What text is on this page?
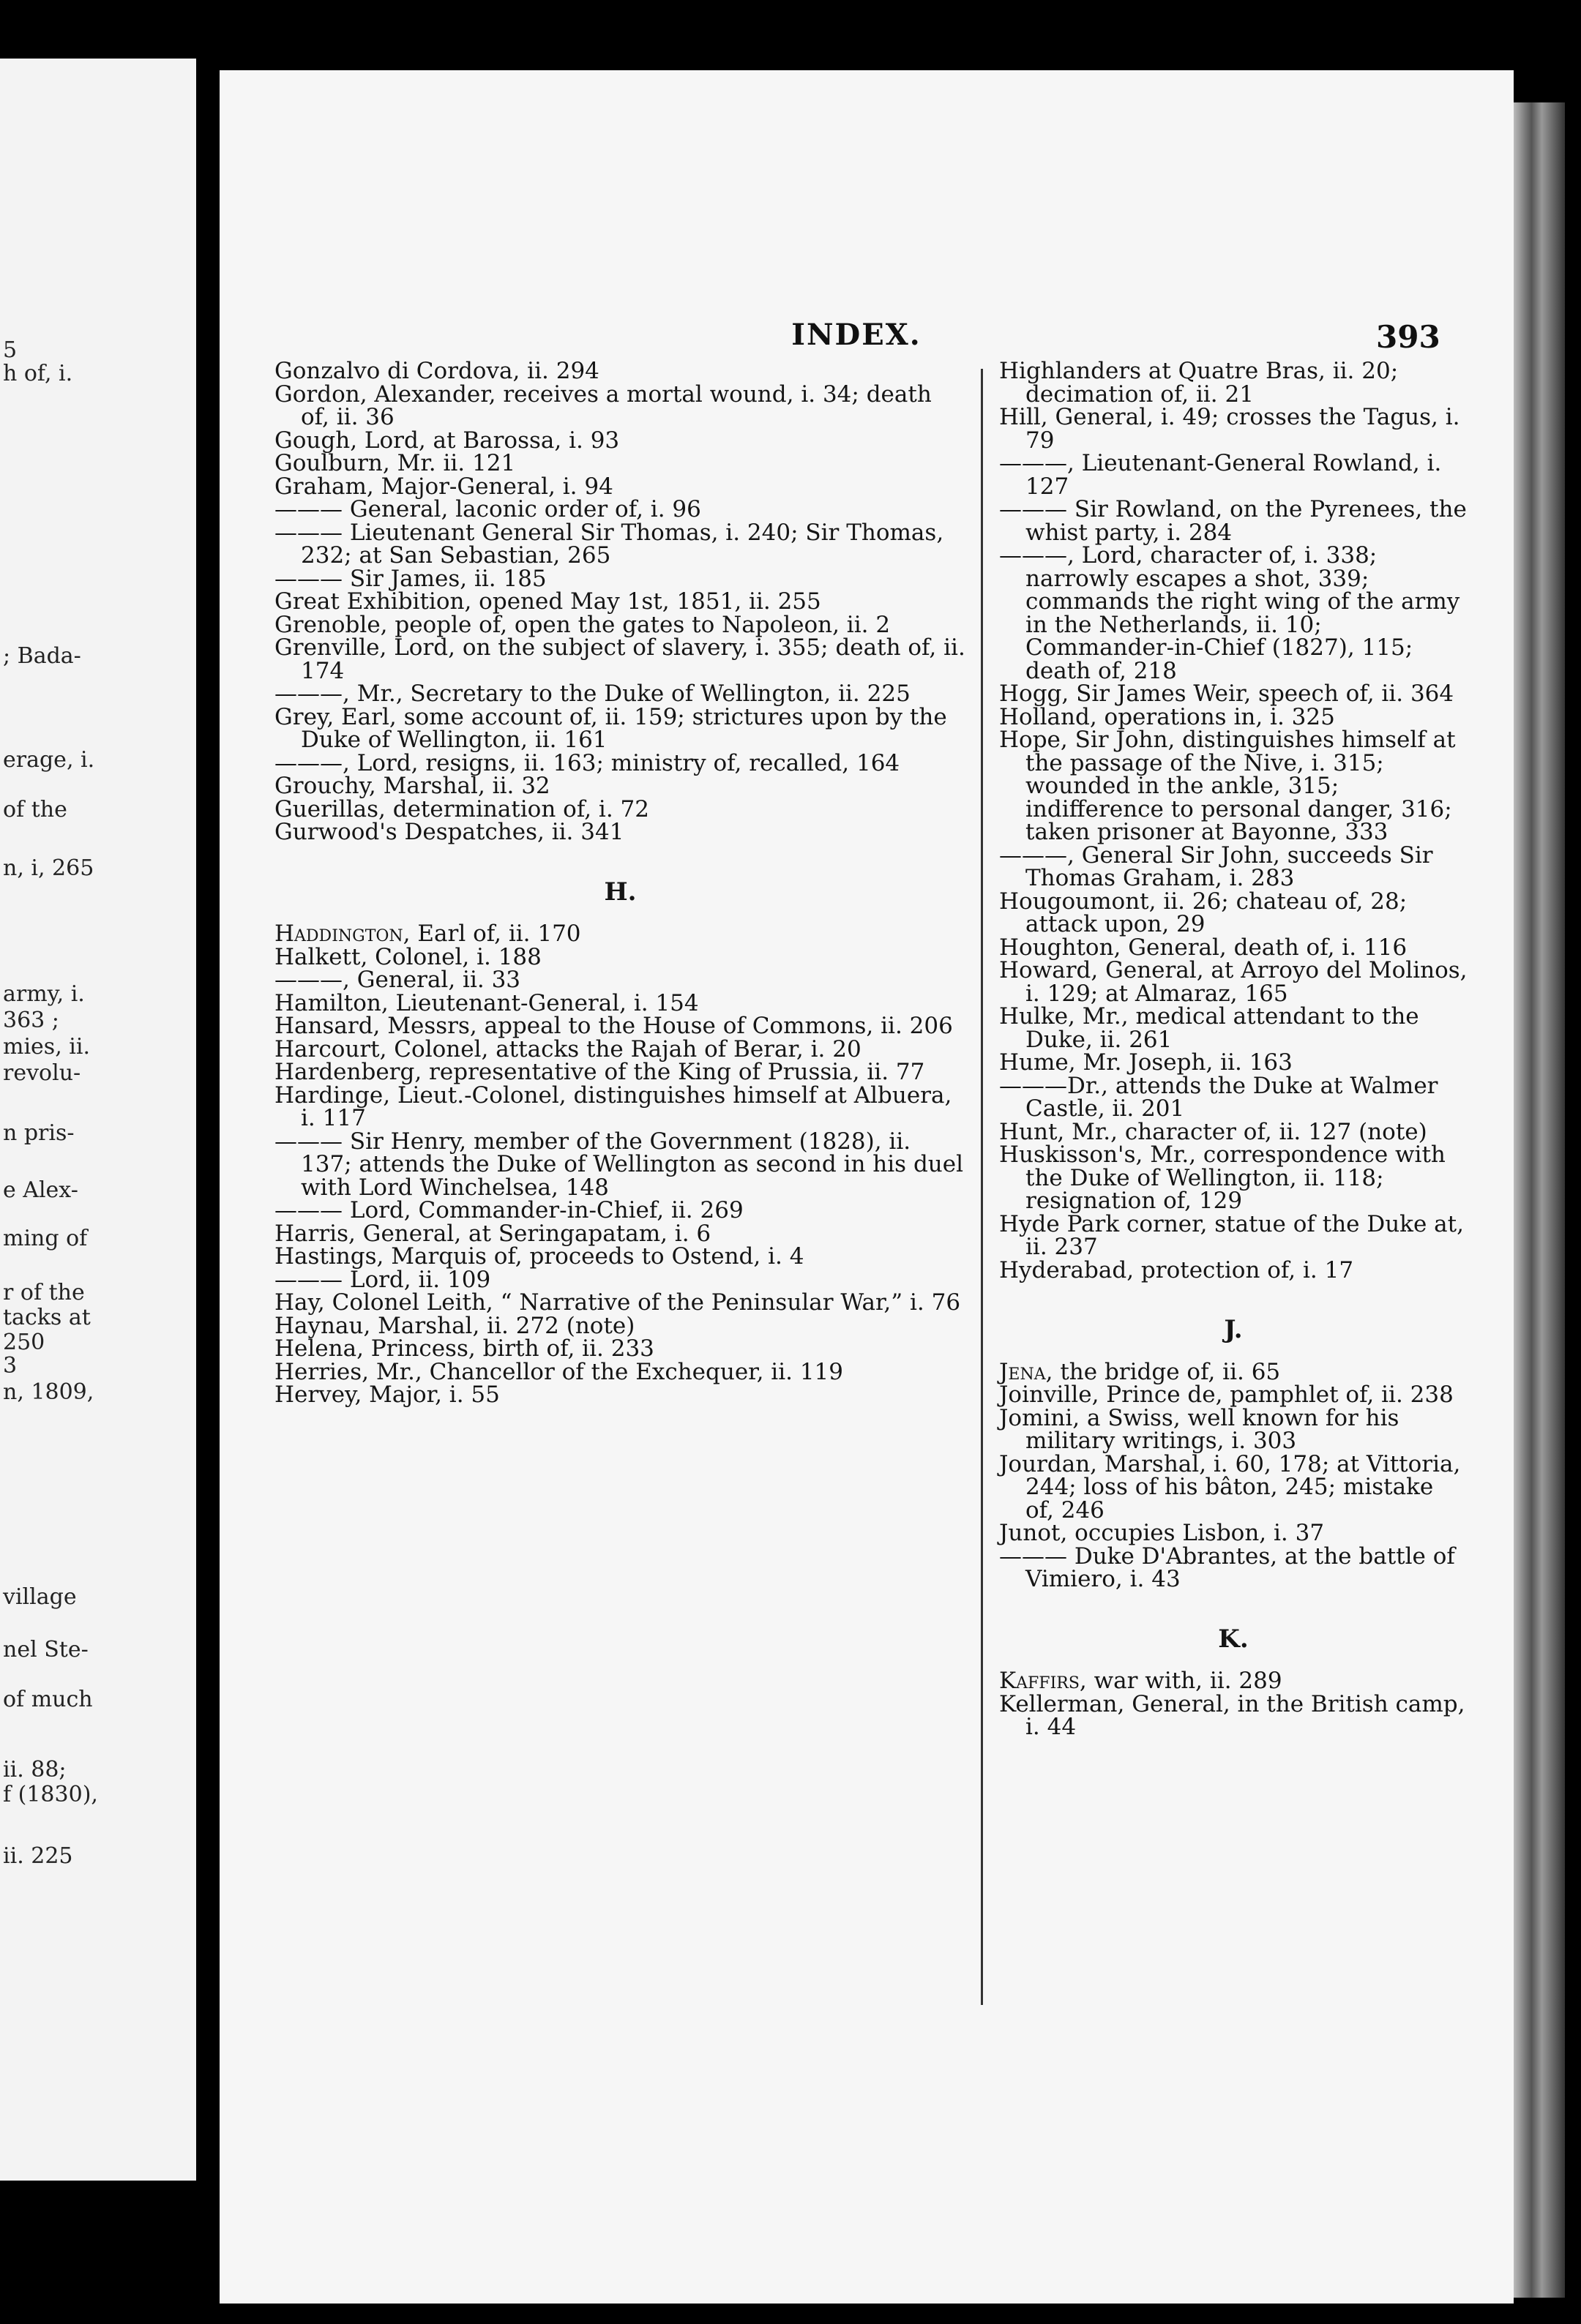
5
h of, i.
; Bada-
erage, i.
of the
n, i, 265
army, i.
363 ;
mies, ii.
revolu-
n pris-
e Alex-
ming of
r of the
tacks at
250
3
n, 1809,
village
nel Ste-
of much
ii. 88;
f (1830),
ii. 225
INDEX.	393
Gonzalvo di Cordova, ii. 294
Gordon, Alexander, receives a mortal wound, i. 34; death of, ii. 36
Gough, Lord, at Barossa, i. 93
Goulburn, Mr. ii. 121
Graham, Major-General, i. 94
——— General, laconic order of, i. 96
——— Lieutenant General Sir Thomas, i. 240; Sir Thomas, 232; at San Sebastian, 265
——— Sir James, ii. 185
Great Exhibition, opened May 1st, 1851, ii. 255
Grenoble, people of, open the gates to Napoleon, ii. 2
Grenville, Lord, on the subject of slavery, i. 355; death of, ii. 174
———, Mr., Secretary to the Duke of Wellington, ii. 225
Grey, Earl, some account of, ii. 159; strictures upon by the Duke of Wellington, ii. 161
———, Lord, resigns, ii. 163; ministry of, recalled, 164
Grouchy, Marshal, ii. 32
Guerillas, determination of, i. 72
Gurwood's Despatches, ii. 341
H.
Haddington, Earl of, ii. 170
Halkett, Colonel, i. 188
———, General, ii. 33
Hamilton, Lieutenant-General, i. 154
Hansard, Messrs, appeal to the House of Commons, ii. 206
Harcourt, Colonel, attacks the Rajah of Berar, i. 20
Hardenberg, representative of the King of Prussia, ii. 77
Hardinge, Lieut.-Colonel, distinguishes himself at Albuera, i. 117
——— Sir Henry, member of the Government (1828), ii. 137; attends the Duke of Wellington as second in his duel with Lord Winchelsea, 148
——— Lord, Commander-in-Chief, ii. 269
Harris, General, at Seringapatam, i. 6
Hastings, Marquis of, proceeds to Ostend, i. 4
——— Lord, ii. 109
Hay, Colonel Leith, “ Narrative of the Peninsular War,” i. 76
Haynau, Marshal, ii. 272 (note)
Helena, Princess, birth of, ii. 233
Herries, Mr., Chancellor of the Exchequer, ii. 119
Hervey, Major, i. 55
Highlanders at Quatre Bras, ii. 20; decimation of, ii. 21
Hill, General, i. 49; crosses the Tagus, i. 79
———, Lieutenant-General Rowland, i. 127
——— Sir Rowland, on the Pyrenees, the whist party, i. 284
———, Lord, character of, i. 338; narrowly escapes a shot, 339; commands the right wing of the army in the Netherlands, ii. 10; Commander-in-Chief (1827), 115; death of, 218
Hogg, Sir James Weir, speech of, ii. 364
Holland, operations in, i. 325
Hope, Sir John, distinguishes himself at the passage of the Nive, i. 315; wounded in the ankle, 315; indifference to personal danger, 316; taken prisoner at Bayonne, 333
———, General Sir John, succeeds Sir Thomas Graham, i. 283
Hougoumont, ii. 26; chateau of, 28; attack upon, 29
Houghton, General, death of, i. 116
Howard, General, at Arroyo del Molinos, i. 129; at Almaraz, 165
Hulke, Mr., medical attendant to the Duke, ii. 261
Hume, Mr. Joseph, ii. 163
———Dr., attends the Duke at Walmer Castle, ii. 201
Hunt, Mr., character of, ii. 127 (note)
Huskisson's, Mr., correspondence with the Duke of Wellington, ii. 118; resignation of, 129
Hyde Park corner, statue of the Duke at, ii. 237
Hyderabad, protection of, i. 17
J.
Jena, the bridge of, ii. 65
Joinville, Prince de, pamphlet of, ii. 238
Jomini, a Swiss, well known for his military writings, i. 303
Jourdan, Marshal, i. 60, 178; at Vittoria, 244; loss of his bâton, 245; mistake of, 246
Junot, occupies Lisbon, i. 37
——— Duke D'Abrantes, at the battle of Vimiero, i. 43
K.
Kaffirs, war with, ii. 289
Kellerman, General, in the British camp, i. 44
